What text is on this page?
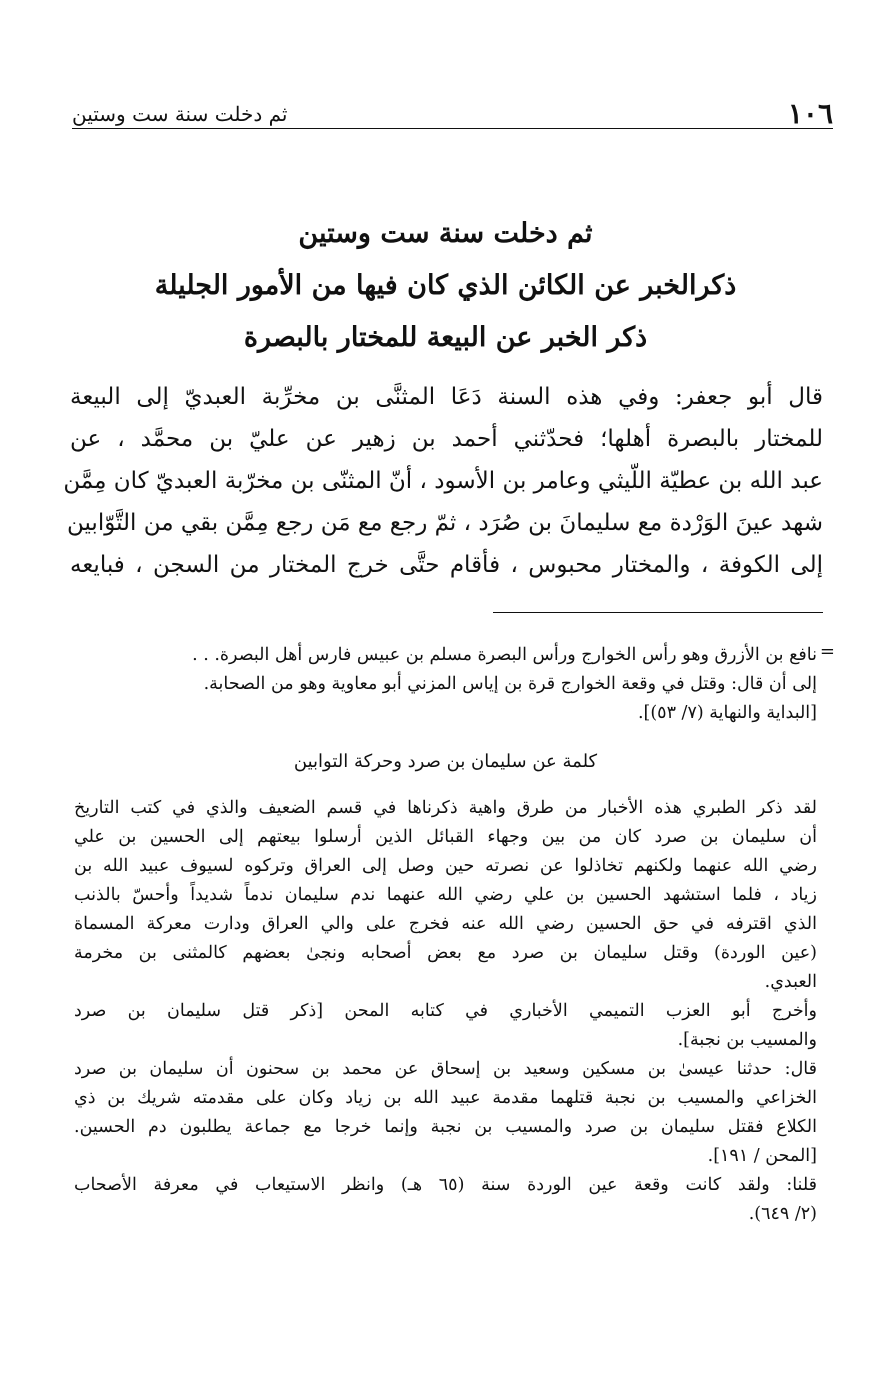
١٠٦
ثم دخلت سنة ست وستين
ثم دخلت سنة ست وستين
ذكرالخبر عن الكائن الذي كان فيها من الأمور الجليلة
ذكر الخبر عن البيعة للمختار بالبصرة
قال أبو جعفر: وفي هذه السنة دَعَا المثنَّى بن مخرِّبة العبديّ إلى البيعة
للمختار بالبصرة أهلها؛ فحدّثني أحمد بن زهير عن عليّ بن محمَّد ، عن
عبد الله بن عطيّة اللّيثي وعامر بن الأسود ، أنّ المثنّى بن مخرّبة العبديّ كان مِمَّن
شهد عينَ الوَرْدة مع سليمانَ بن صُرَد ، ثمّ رجع مع مَن رجع مِمَّن بقي من التَّوّابين
إلى الكوفة ، والمختار محبوس ، فأقام حتَّى خرج المختار من السجن ، فبايعه
=
نافع بن الأزرق وهو رأس الخوارج ورأس البصرة مسلم بن عبيس فارس أهل البصرة. . .
إلى أن قال: وقتل في وقعة الخوارج قرة بن إياس المزني أبو معاوية وهو من الصحابة.
[البداية والنهاية (٧/ ٥٣)].
كلمة عن سليمان بن صرد وحركة التوابين
لقد ذكر الطبري هذه الأخبار من طرق واهية ذكرناها في قسم الضعيف والذي في كتب التاريخ
أن سليمان بن صرد كان من بين وجهاء القبائل الذين أرسلوا بيعتهم إلى الحسين بن علي
رضي الله عنهما ولكنهم تخاذلوا عن نصرته حين وصل إلى العراق وتركوه لسيوف عبيد الله بن
زياد ، فلما استشهد الحسين بن علي رضي الله عنهما ندم سليمان ندماً شديداً وأحسّ بالذنب
الذي اقترفه في حق الحسين رضي الله عنه فخرج على والي العراق ودارت معركة المسماة
(عين الوردة) وقتل سليمان بن صرد مع بعض أصحابه ونجىٰ بعضهم كالمثنى بن مخرمة
العبدي.
وأخرج أبو العزب التميمي الأخباري في كتابه المحن [ذكر قتل سليمان بن صرد
والمسيب بن نجبة].
قال: حدثنا عيسىٰ بن مسكين وسعيد بن إسحاق عن محمد بن سحنون أن سليمان بن صرد
الخزاعي والمسيب بن نجبة قتلهما مقدمة عبيد الله بن زياد وكان على مقدمته شريك بن ذي
الكلاع فقتل سليمان بن صرد والمسيب بن نجبة وإنما خرجا مع جماعة يطلبون دم الحسين.
[المحن / ١٩١].
قلنا: ولقد كانت وقعة عين الوردة سنة (٦٥ هـ) وانظر الاستيعاب في معرفة الأصحاب
(٢/ ٦٤٩).
